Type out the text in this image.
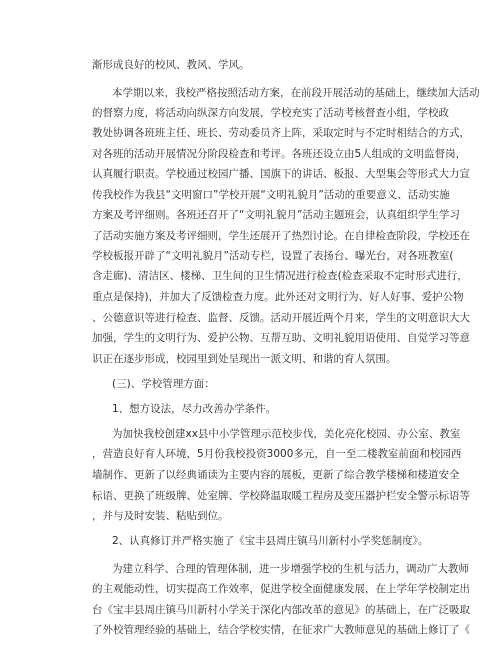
渐形成良好的校风、教风、学风。
本学期以来，我校严格按照活动方案，在前段开展活动的基础上，继续加大活动
的督察力度，将活动向纵深方向发展，学校充实了活动考核督查小组，学校政
教处协调各班班主任、班长、劳动委员齐上阵，采取定时与不定时相结合的方式，
对各班的活动开展情况分阶段检查和考评。各班还设立由5人组成的文明监督岗，
认真履行职责。学校通过校园广播、国旗下的讲话、板报、大型集会等形式大力宣
传我校作为我县“文明窗口”学校开展“文明礼貌月”活动的重要意义、活动实施
方案及考评细则。各班还召开了“文明礼貌月”活动主题班会，认真组织学生学习
了活动实施方案及考评细则，学生还展开了热烈讨论。在自律检查阶段，学校还在
学校板报开辟了“文明礼貌月”活动专栏，设置了表扬台、曝光台，对各班教室(
含走廊)、清洁区、楼梯、卫生间的卫生情况进行检查(检查采取不定时形式进行，
重点是保持)，并加大了反馈检查力度。此外还对文明行为、好人好事、爱护公物
、公德意识等进行检查、监督、反馈。活动开展近两个月来，学生的文明意识大大
加强，学生的文明行为、爱护公物、互帮互助、文明礼貌用语使用、自觉学习等意
识正在逐步形成，校园里到处呈现出一派文明、和谐的育人氛围。
(三)、学校管理方面：
1、想方设法，尽力改善办学条件。
为加快我校创建xx县中小学管理示范校步伐，美化亮化校园、办公室、教室
，营造良好育人环境，5月份我校投资3000多元，自一至二楼教室前面和校园西
墙制作、更新了以经典诵读为主要内容的展板，更新了综合教学楼梯和楼道安全
标语、更换了班级牌、处室牌、学校降温取暖工程房及变压器护栏安全警示标语等
，并与及时安装、粘贴到位。
2、认真修订并严格实施了《宝丰县周庄镇马川新村小学奖惩制度》。
为建立科学、合理的管理体制，进一步增强学校的生机与活力，调动广大教师
的主观能动性，切实提高工作效率，促进学校全面健康发展，在上学年学校制定出
台《宝丰县周庄镇马川新村小学关于深化内部改革的意见》的基础上，在广泛吸取
了外校管理经验的基础上，结合学校实情，在征求广大教师意见的基础上修订了《
